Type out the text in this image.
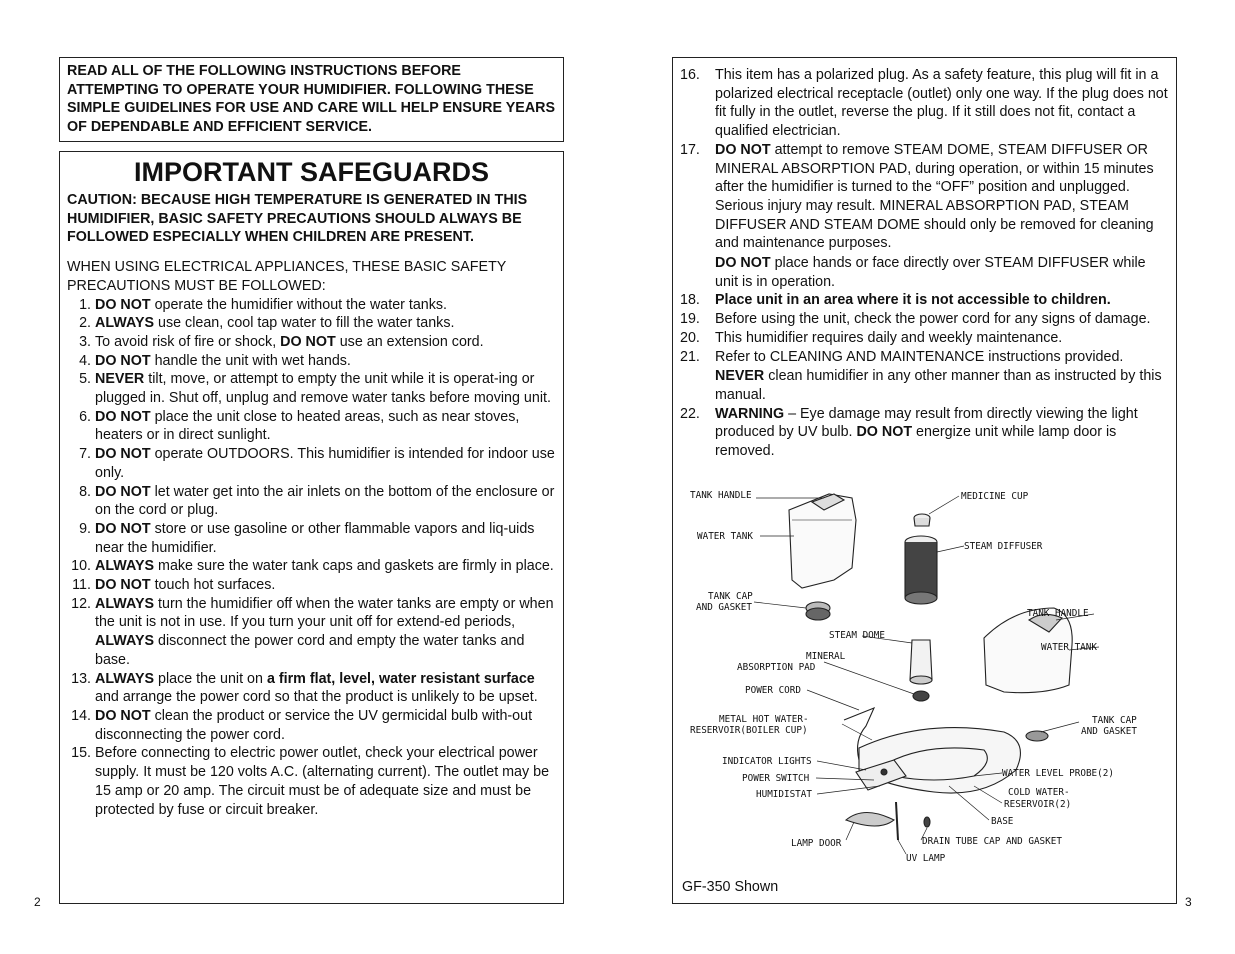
READ ALL OF THE FOLLOWING INSTRUCTIONS BEFORE ATTEMPTING TO OPERATE YOUR HUMIDIFIER. FOLLOWING THESE SIMPLE GUIDELINES FOR USE AND CARE WILL HELP ENSURE YEARS OF DEPENDABLE AND EFFICIENT SERVICE.

IMPORTANT SAFEGUARDS

CAUTION: BECAUSE HIGH TEMPERATURE IS GENERATED IN THIS HUMIDIFIER, BASIC SAFETY PRECAUTIONS SHOULD ALWAYS BE FOLLOWED ESPECIALLY WHEN CHILDREN ARE PRESENT.

WHEN USING ELECTRICAL APPLIANCES, THESE BASIC SAFETY PRECAUTIONS MUST BE FOLLOWED:

1. DO NOT operate the humidifier without the water tanks.
2. ALWAYS use clean, cool tap water to fill the water tanks.
3. To avoid risk of fire or shock, DO NOT use an extension cord.
4. DO NOT handle the unit with wet hands.
5. NEVER tilt, move, or attempt to empty the unit while it is operat-ing or plugged in. Shut off, unplug and remove water tanks before moving unit.
6. DO NOT place the unit close to heated areas, such as near stoves, heaters or in direct sunlight.
7. DO NOT operate OUTDOORS. This humidifier is intended for indoor use only.
8. DO NOT let water get into the air inlets on the bottom of the enclosure or on the cord or plug.
9. DO NOT store or use gasoline or other flammable vapors and liq-uids near the humidifier.
10. ALWAYS make sure the water tank caps and gaskets are firmly in place.
11. DO NOT touch hot surfaces.
12. ALWAYS turn the humidifier off when the water tanks are empty or when the unit is not in use. If you turn your unit off for extend-ed periods, ALWAYS disconnect the power cord and empty the water tanks and base.
13. ALWAYS place the unit on a firm flat, level, water resistant surface and arrange the power cord so that the product is unlikely to be upset.
14. DO NOT clean the product or service the UV germicidal bulb with-out disconnecting the power cord.
15. Before connecting to electric power outlet, check your electrical power supply. It must be 120 volts A.C. (alternating current). The outlet may be 15 amp or 20 amp. The circuit must be of adequate size and must be protected by fuse or circuit breaker.
16.	This item has a polarized plug. As a safety feature, this plug will fit in a polarized electrical receptacle (outlet) only one way. If the plug does not fit fully in the outlet, reverse the plug. If it still does not fit, contact a qualified electrician.
17.	DO NOT attempt to remove STEAM DOME, STEAM DIFFUSER OR MINERAL ABSORPTION PAD, during operation, or within 15 minutes after the humidifier is turned to the “OFF” position and unplugged. Serious injury may result. MINERAL ABSORPTION PAD, STEAM DIFFUSER AND STEAM DOME should only be removed for cleaning and maintenance purposes.
DO NOT place hands or face directly over STEAM DIFFUSER while unit is in operation.
18.	Place unit in an area where it is not accessible to children.
19.	Before using the unit, check the power cord for any signs of damage.
20.	This humidifier requires daily and weekly maintenance.
21.	Refer to CLEANING AND MAINTENANCE instructions provided.
NEVER clean humidifier in any other manner than as instructed by this manual.
22.	WARNING – Eye damage may result from directly viewing the light produced by UV bulb. DO NOT energize unit while lamp door is removed.
TANK HANDLE
WATER TANK
TANK CAP
AND GASKET
MEDICINE CUP
STEAM DIFFUSER
TANK HANDLE
WATER TANK
STEAM DOME
MINERAL
ABSORPTION PAD
POWER CORD
METAL HOT WATER-
RESERVOIR(BOILER CUP)
TANK CAP
AND GASKET
INDICATOR LIGHTS
POWER SWITCH
HUMIDISTAT
WATER LEVEL PROBE(2)
COLD WATER-
RESERVOIR(2)
BASE
LAMP DOOR	DRAIN TUBE CAP AND GASKET
UV LAMP
GF-350 Shown
2	3
